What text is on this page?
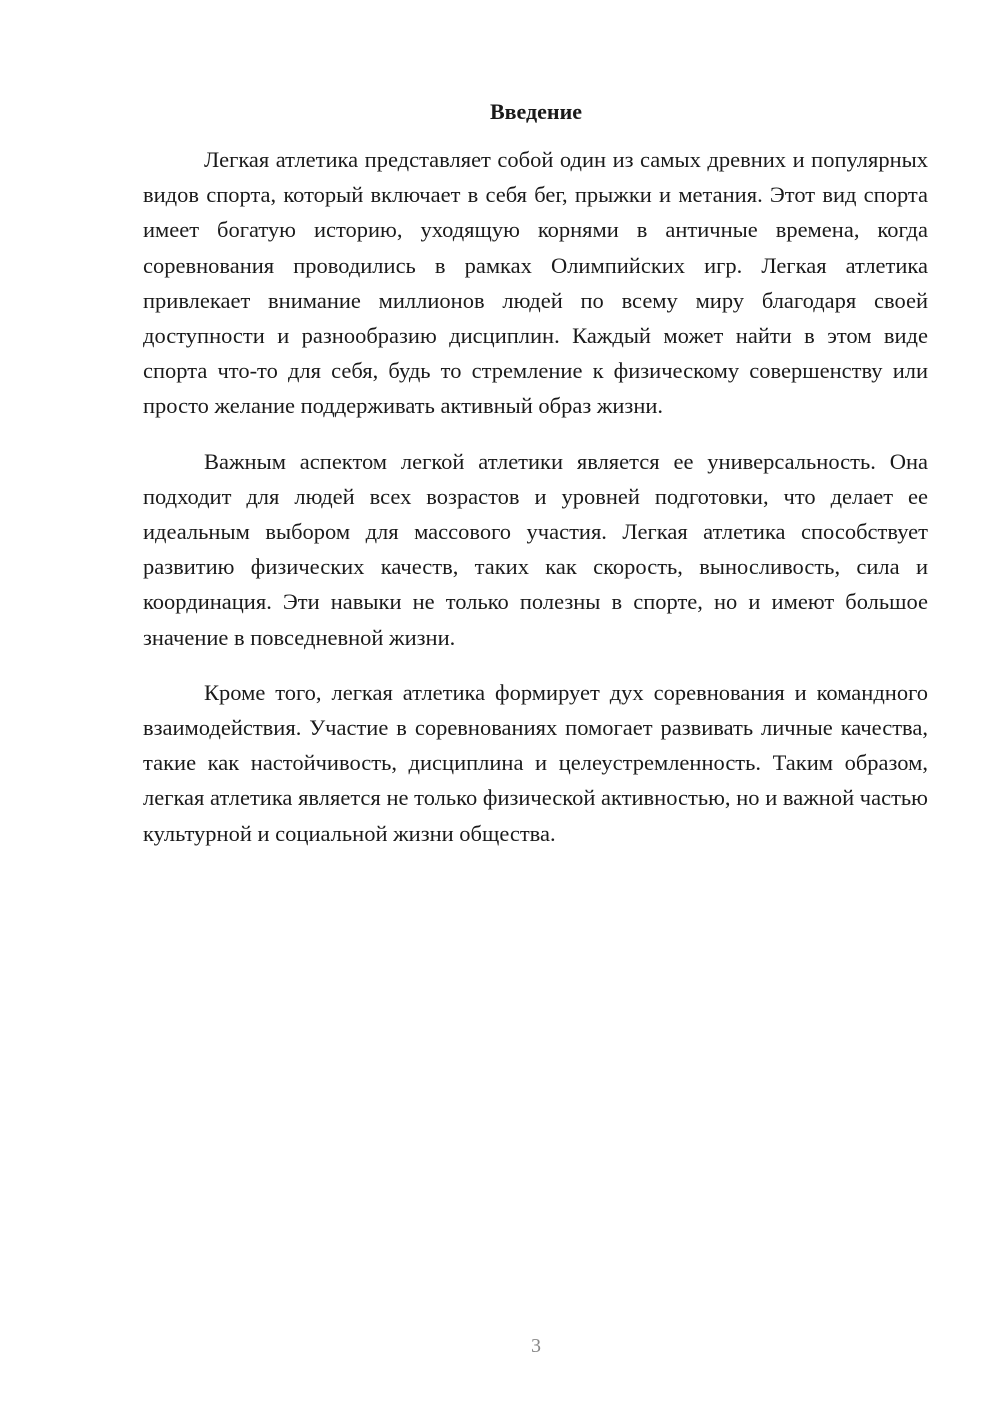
Введение

Легкая атлетика представляет собой один из самых древних и популярных видов спорта, который включает в себя бег, прыжки и метания. Этот вид спорта имеет богатую историю, уходящую корнями в античные времена, когда соревнования проводились в рамках Олимпийских игр. Легкая атлетика привлекает внимание миллионов людей по всему миру благодаря своей доступности и разнообразию дисциплин. Каждый может найти в этом виде спорта что-то для себя, будь то стремление к физическому совершенству или просто желание поддерживать активный образ жизни.

Важным аспектом легкой атлетики является ее универсальность. Она подходит для людей всех возрастов и уровней подготовки, что делает ее идеальным выбором для массового участия. Легкая атлетика способствует развитию физических качеств, таких как скорость, выносливость, сила и координация. Эти навыки не только полезны в спорте, но и имеют большое значение в повседневной жизни.

Кроме того, легкая атлетика формирует дух соревнования и командного взаимодействия. Участие в соревнованиях помогает развивать личные качества, такие как настойчивость, дисциплина и целеустремленность. Таким образом, легкая атлетика является не только физической активностью, но и важной частью культурной и социальной жизни общества.

3
